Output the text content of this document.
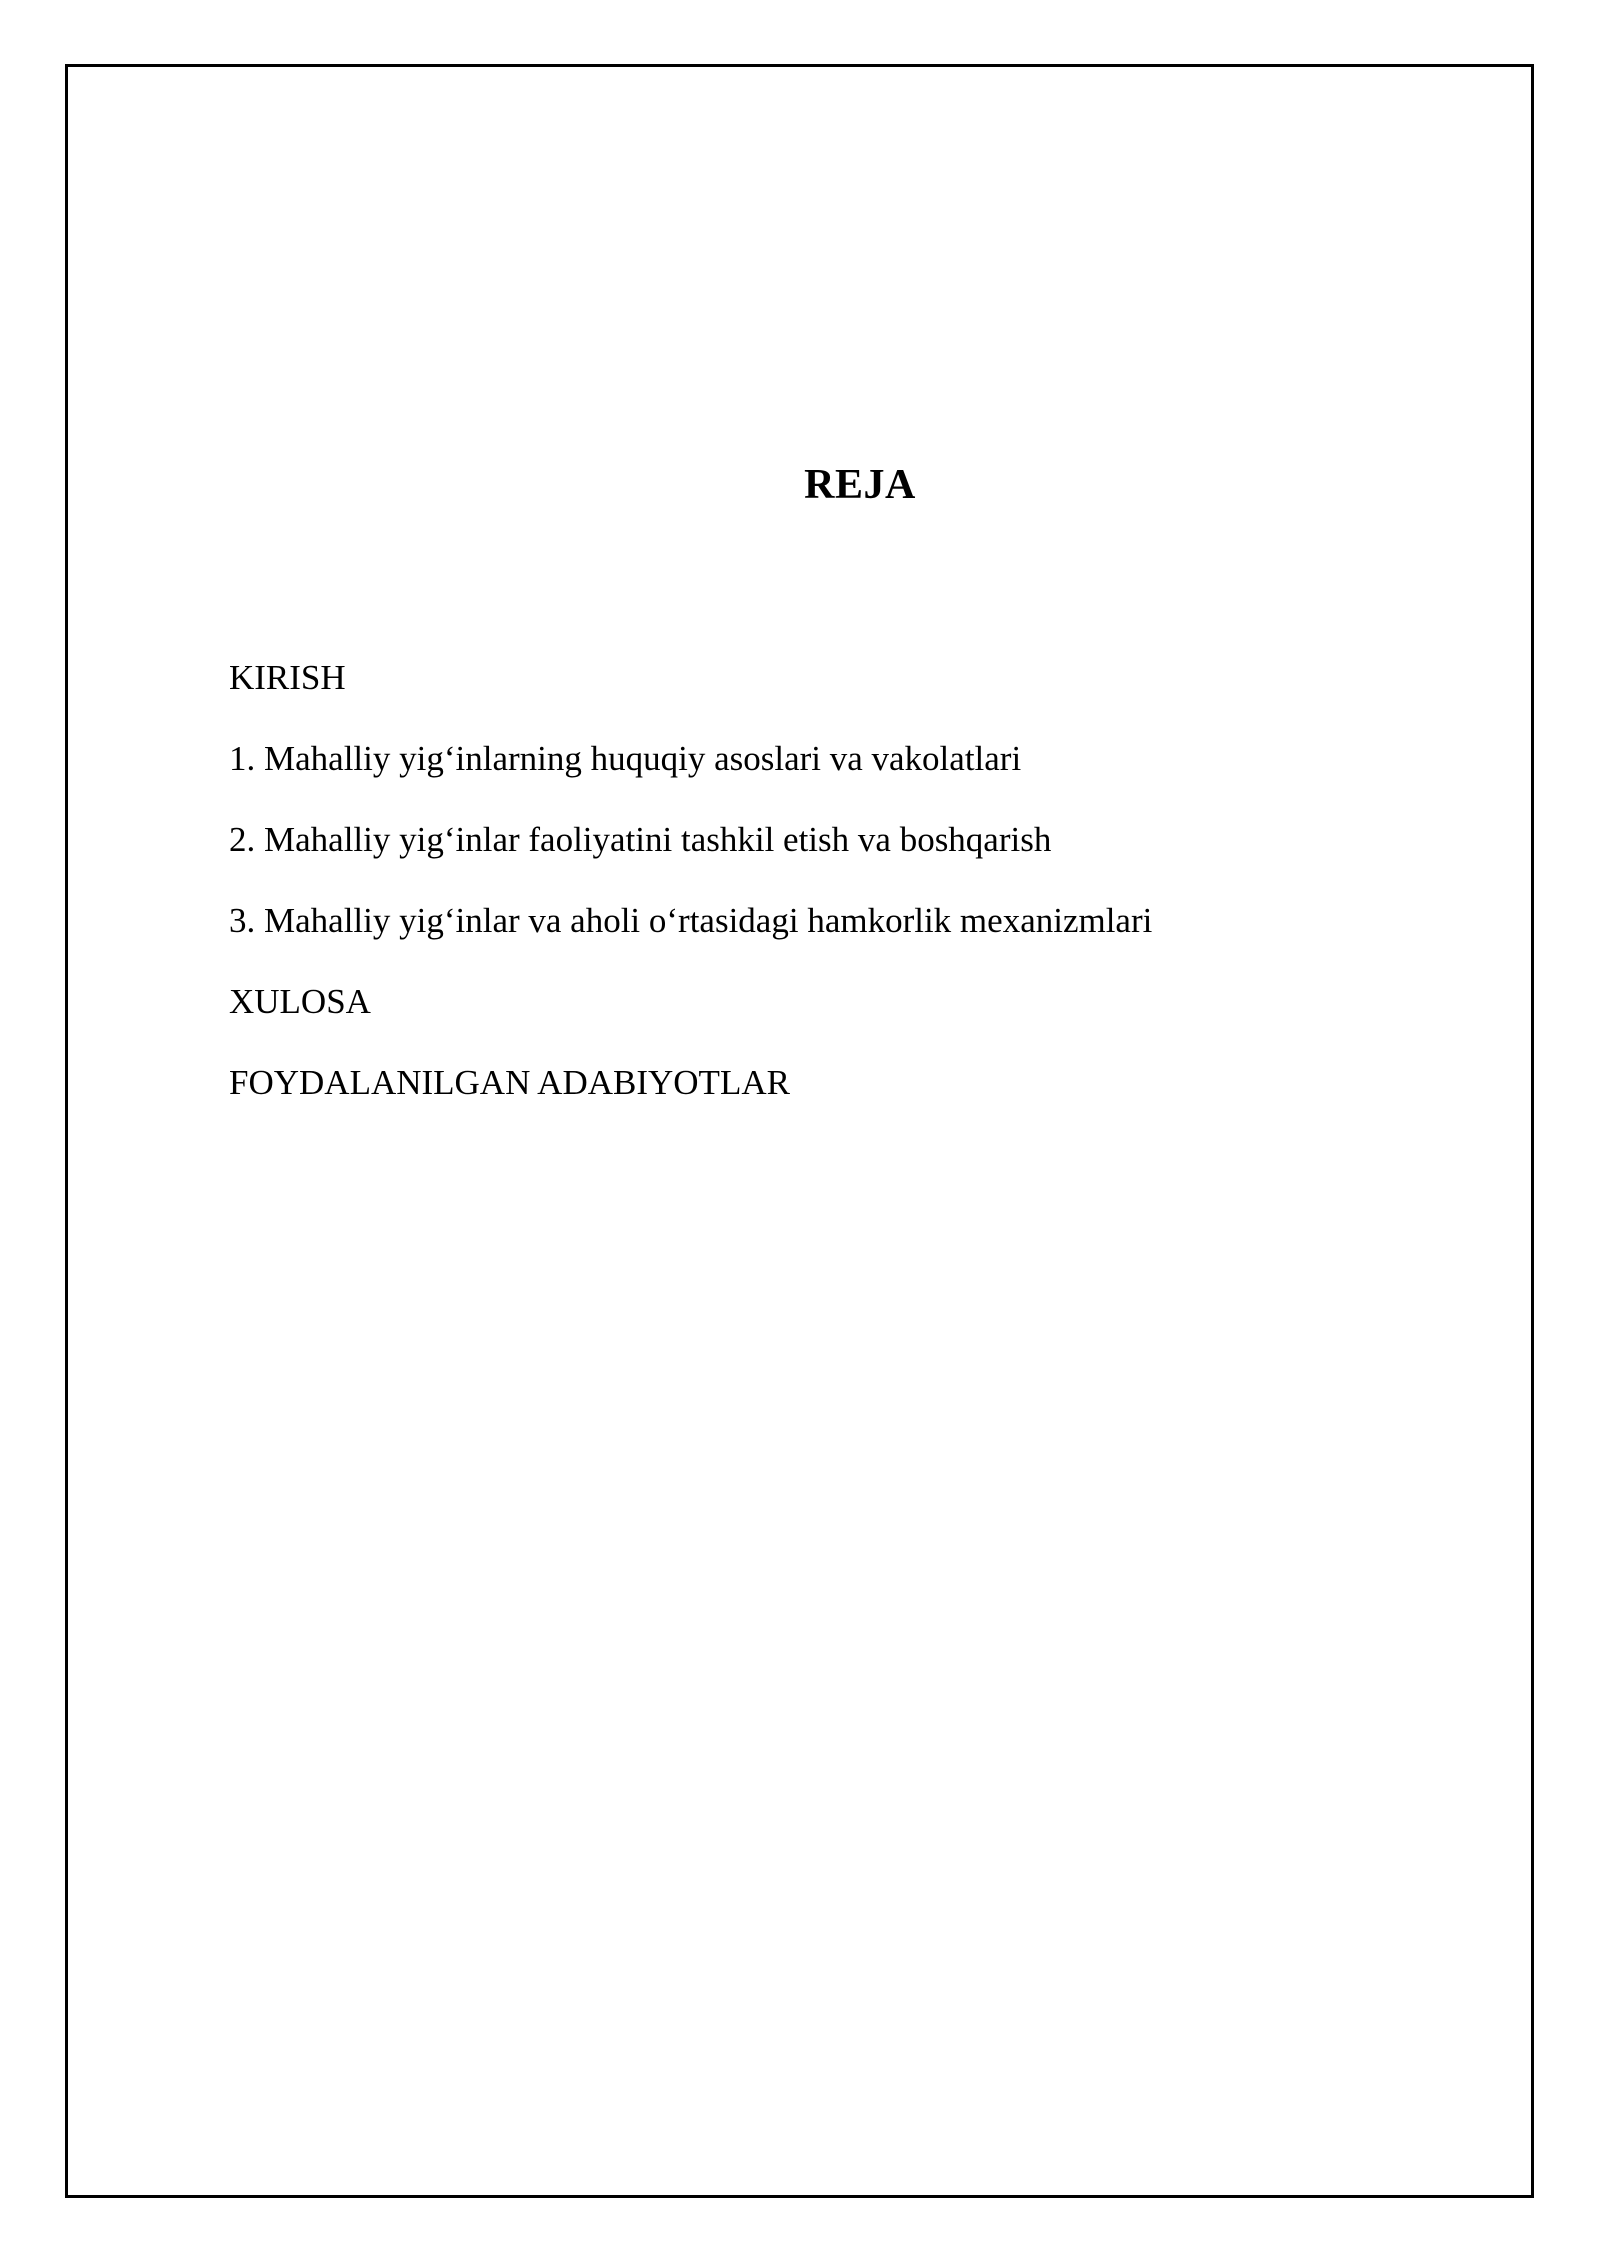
REJA
KIRISH
1. Mahalliy yig‘inlarning huquqiy asoslari va vakolatlari
2. Mahalliy yig‘inlar faoliyatini tashkil etish va boshqarish
3. Mahalliy yig‘inlar va aholi o‘rtasidagi hamkorlik mexanizmlari
XULOSA
FOYDALANILGAN ADABIYOTLAR
